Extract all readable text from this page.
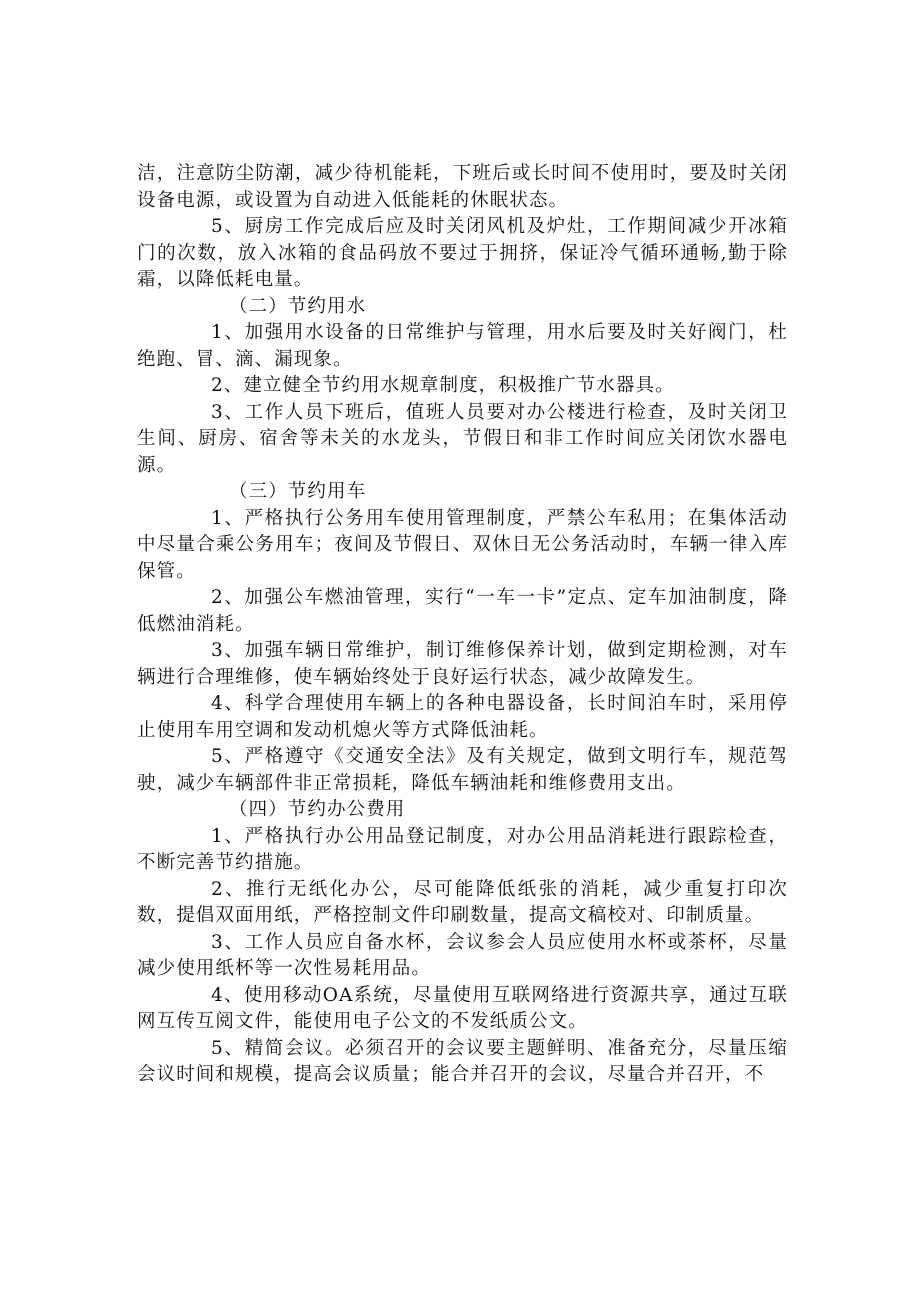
洁，注意防尘防潮，减少待机能耗，下班后或长时间不使用时，要及时关闭设备电源，或设置为自动进入低能耗的休眠状态。

5、厨房工作完成后应及时关闭风机及炉灶，工作期间减少开冰箱门的次数，放入冰箱的食品码放不要过于拥挤，保证冷气循环通畅,勤于除霜，以降低耗电量。

（二）节约用水

1、加强用水设备的日常维护与管理，用水后要及时关好阀门，杜绝跑、冒、滴、漏现象。

2、建立健全节约用水规章制度，积极推广节水器具。

3、工作人员下班后，值班人员要对办公楼进行检查，及时关闭卫生间、厨房、宿舍等未关的水龙头，节假日和非工作时间应关闭饮水器电源。

（三）节约用车

1、严格执行公务用车使用管理制度，严禁公车私用；在集体活动中尽量合乘公务用车；夜间及节假日、双休日无公务活动时，车辆一律入库保管。

2、加强公车燃油管理，实行“一车一卡”定点、定车加油制度，降低燃油消耗。

3、加强车辆日常维护，制订维修保养计划，做到定期检测，对车辆进行合理维修，使车辆始终处于良好运行状态，减少故障发生。

4、科学合理使用车辆上的各种电器设备，长时间泊车时，采用停止使用车用空调和发动机熄火等方式降低油耗。

5、严格遵守《交通安全法》及有关规定，做到文明行车，规范驾驶，减少车辆部件非正常损耗，降低车辆油耗和维修费用支出。

（四）节约办公费用

1、严格执行办公用品登记制度，对办公用品消耗进行跟踪检查，不断完善节约措施。

2、推行无纸化办公，尽可能降低纸张的消耗，减少重复打印次数，提倡双面用纸，严格控制文件印刷数量，提高文稿校对、印制质量。

3、工作人员应自备水杯，会议参会人员应使用水杯或茶杯，尽量减少使用纸杯等一次性易耗用品。

4、使用移动OA系统，尽量使用互联网络进行资源共享，通过互联网互传互阅文件，能使用电子公文的不发纸质公文。

5、精简会议。必须召开的会议要主题鲜明、准备充分，尽量压缩会议时间和规模，提高会议质量；能合并召开的会议，尽量合并召开，不
